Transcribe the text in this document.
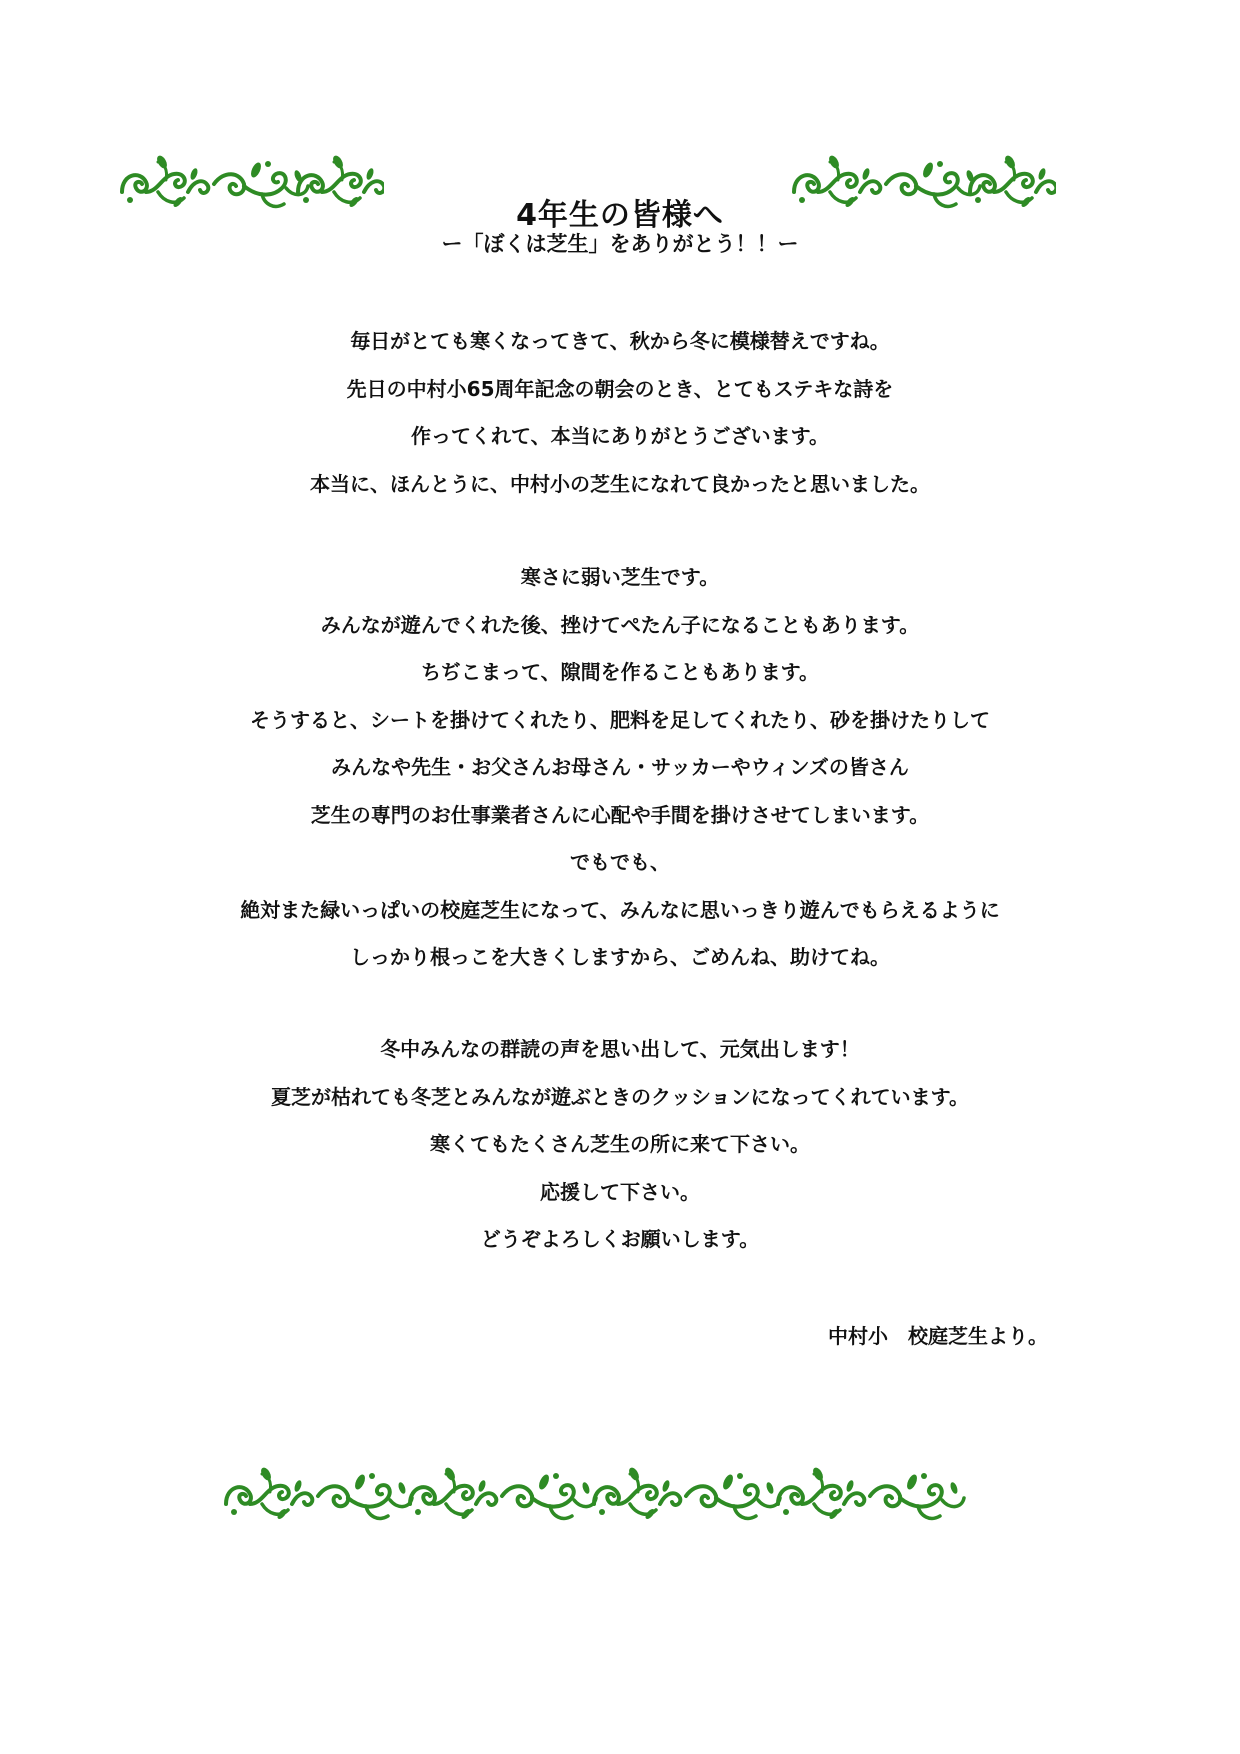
4年生の皆様へ
ー「ぼくは芝生」をありがとう！！ー
毎日がとても寒くなってきて、秋から冬に模様替えですね。
先日の中村小65周年記念の朝会のとき、とてもステキな詩を
作ってくれて、本当にありがとうございます。
本当に、ほんとうに、中村小の芝生になれて良かったと思いました。
寒さに弱い芝生です。
みんなが遊んでくれた後、挫けてぺたん子になることもあります。
ちぢこまって、隙間を作ることもあります。
そうすると、シートを掛けてくれたり、肥料を足してくれたり、砂を掛けたりして
みんなや先生・お父さんお母さん・サッカーやウィンズの皆さん
芝生の専門のお仕事業者さんに心配や手間を掛けさせてしまいます。
でもでも、
絶対また緑いっぱいの校庭芝生になって、みんなに思いっきり遊んでもらえるように
しっかり根っこを大きくしますから、ごめんね、助けてね。
冬中みんなの群読の声を思い出して、元気出します！
夏芝が枯れても冬芝とみんなが遊ぶときのクッションになってくれています。
寒くてもたくさん芝生の所に来て下さい。
応援して下さい。
どうぞよろしくお願いします。
中村小　校庭芝生より。
